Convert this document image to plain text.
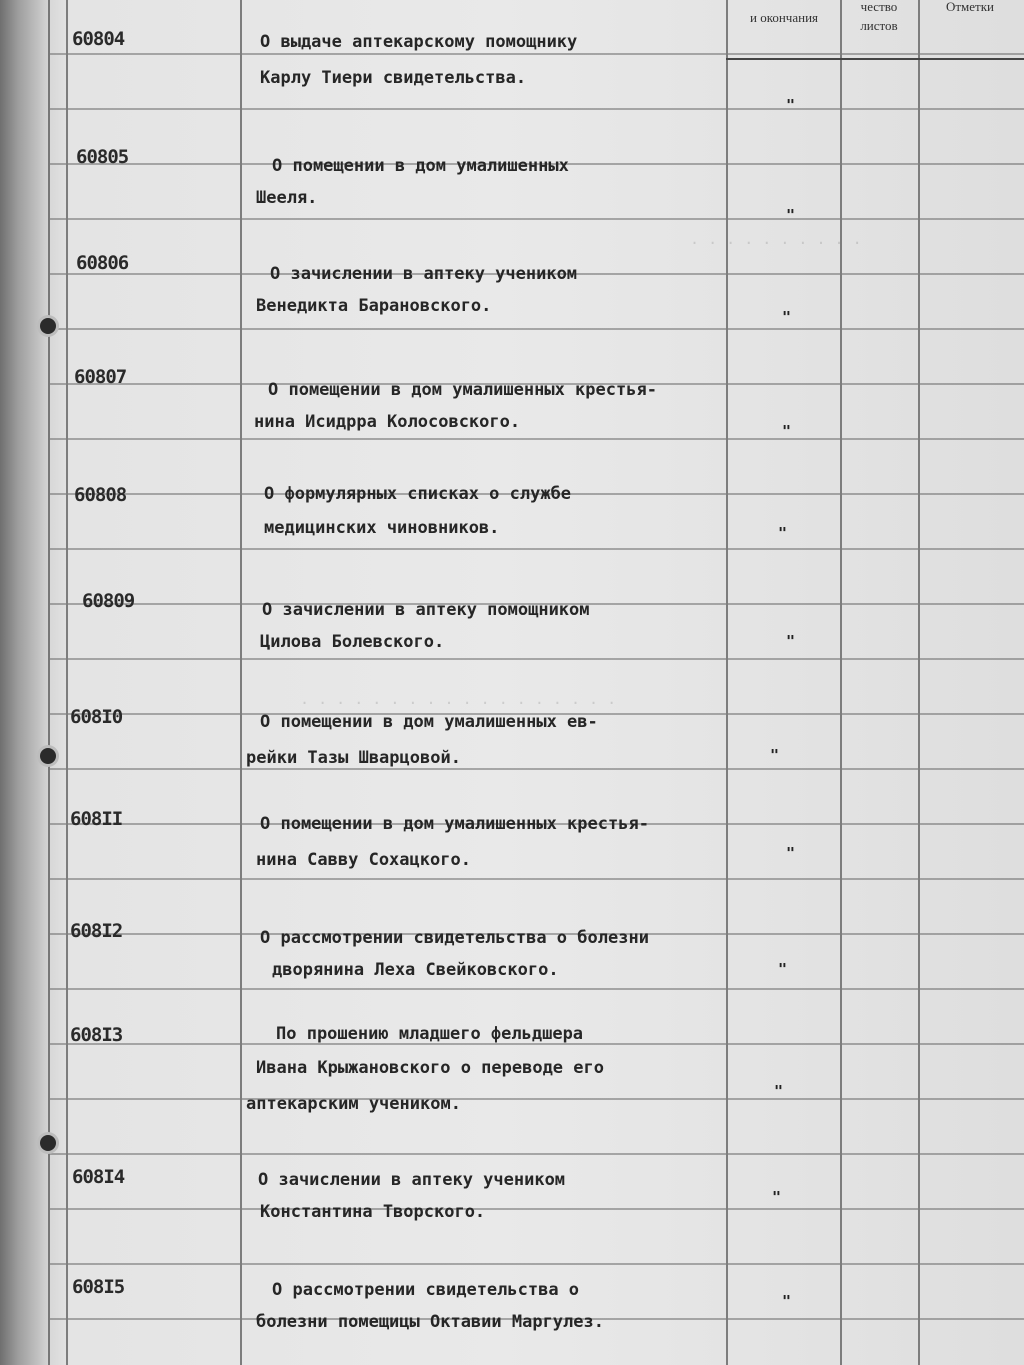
и окончания
чество
листов
Отметки
. . . . . . . . . .
. . . . . . . . . . . . . . . . . .
60804	О выдаче аптекарскому помощнику
Карлу Тиери свидетельства.
"
60805	О помещении в дом умалишенных
Шееля.
"
60806	О зачислении в аптеку учеником
Венедикта Барановского.
"
60807
О помещении в дом умалишенных крестья-
нина Исидрра Колосовского.	"
60808	О формулярных списках о службе
медицинских чиновников.	"
60809	О зачислении в аптеку помощником
Цилова Болевского.	"
608I0	О помещении в дом умалишенных ев-
рейки Тазы Шварцовой.	"
608II	О помещении в дом умалишенных крестья-
нина Савву Сохацкого.	"
608I2	О рассмотрении свидетельства о болезни
дворянина Леха Свейковского.	"
608I3	По прошению младшего фельдшера
Ивана Крыжановского о переводе его
аптекарским учеником.
"
608I4	О зачислении в аптеку учеником
Константина Творского.
"
608I5	О рассмотрении свидетельства о
болезни помещицы Октавии Маргулез.
"
